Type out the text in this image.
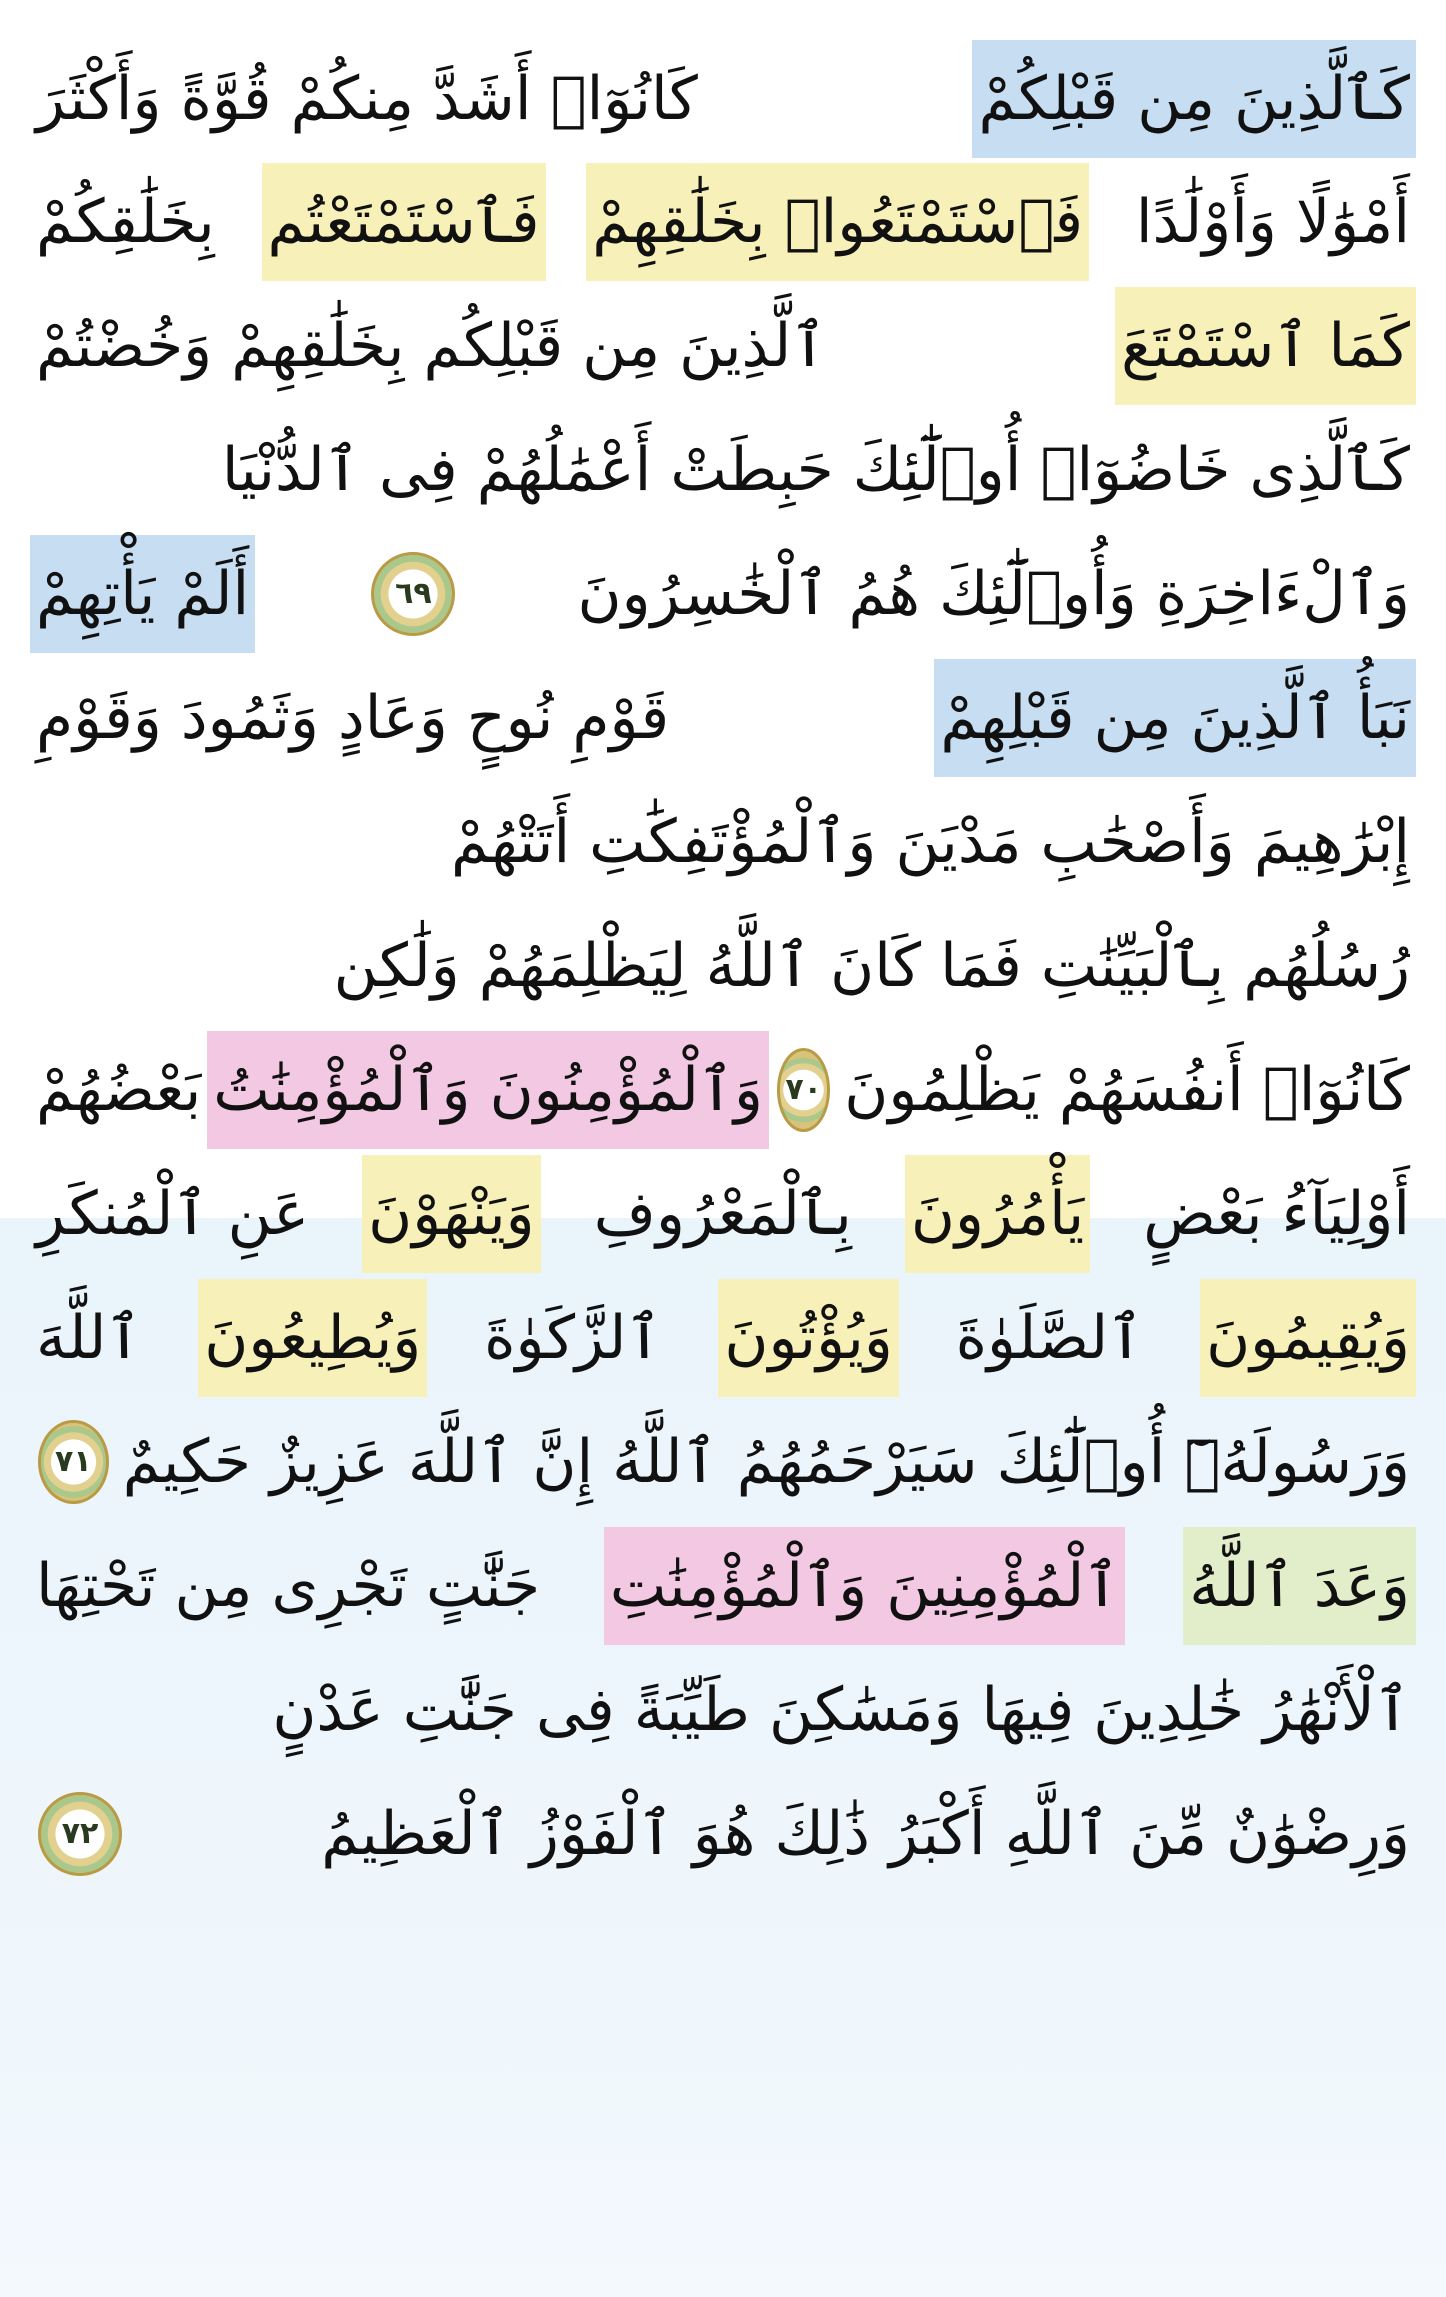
كَٱلَّذِينَ مِن قَبْلِكُمْ
كَانُوٓا۟ أَشَدَّ مِنكُمْ قُوَّةً وَأَكْثَرَ
أَمْوَٰلًا وَأَوْلَٰدًا
فَٱسْتَمْتَعُوا۟ بِخَلَٰقِهِمْ
فَٱسْتَمْتَعْتُم
بِخَلَٰقِكُمْ
كَمَا ٱسْتَمْتَعَ
ٱلَّذِينَ مِن قَبْلِكُم بِخَلَٰقِهِمْ وَخُضْتُمْ
كَٱلَّذِى خَاضُوٓا۟ أُو۟لَٰٓئِكَ حَبِطَتْ أَعْمَٰلُهُمْ فِى ٱلدُّنْيَا
وَٱلْءَاخِرَةِ وَأُو۟لَٰٓئِكَ هُمُ ٱلْخَٰسِرُونَ
٦٩
أَلَمْ يَأْتِهِمْ
نَبَأُ ٱلَّذِينَ مِن قَبْلِهِمْ
قَوْمِ نُوحٍ وَعَادٍ وَثَمُودَ وَقَوْمِ
إِبْرَٰهِيمَ وَأَصْحَٰبِ مَدْيَنَ وَٱلْمُؤْتَفِكَٰتِ أَتَتْهُمْ
رُسُلُهُم بِٱلْبَيِّنَٰتِ فَمَا كَانَ ٱللَّهُ لِيَظْلِمَهُمْ وَلَٰكِن
كَانُوٓا۟ أَنفُسَهُمْ يَظْلِمُونَ
٧٠
وَٱلْمُؤْمِنُونَ وَٱلْمُؤْمِنَٰتُ
بَعْضُهُمْ
أَوْلِيَآءُ بَعْضٍ
يَأْمُرُونَ
بِٱلْمَعْرُوفِ
وَيَنْهَوْنَ
عَنِ ٱلْمُنكَرِ
وَيُقِيمُونَ
ٱلصَّلَوٰةَ
وَيُؤْتُونَ
ٱلزَّكَوٰةَ
وَيُطِيعُونَ
ٱللَّهَ
وَرَسُولَهُۥٓ أُو۟لَٰٓئِكَ سَيَرْحَمُهُمُ ٱللَّهُ إِنَّ ٱللَّهَ عَزِيزٌ حَكِيمٌ
٧١
وَعَدَ ٱللَّهُ
ٱلْمُؤْمِنِينَ وَٱلْمُؤْمِنَٰتِ
جَنَّٰتٍ تَجْرِى مِن تَحْتِهَا
ٱلْأَنْهَٰرُ خَٰلِدِينَ فِيهَا وَمَسَٰكِنَ طَيِّبَةً فِى جَنَّٰتِ عَدْنٍ
وَرِضْوَٰنٌ مِّنَ ٱللَّهِ أَكْبَرُ ذَٰلِكَ هُوَ ٱلْفَوْزُ ٱلْعَظِيمُ
٧٢
